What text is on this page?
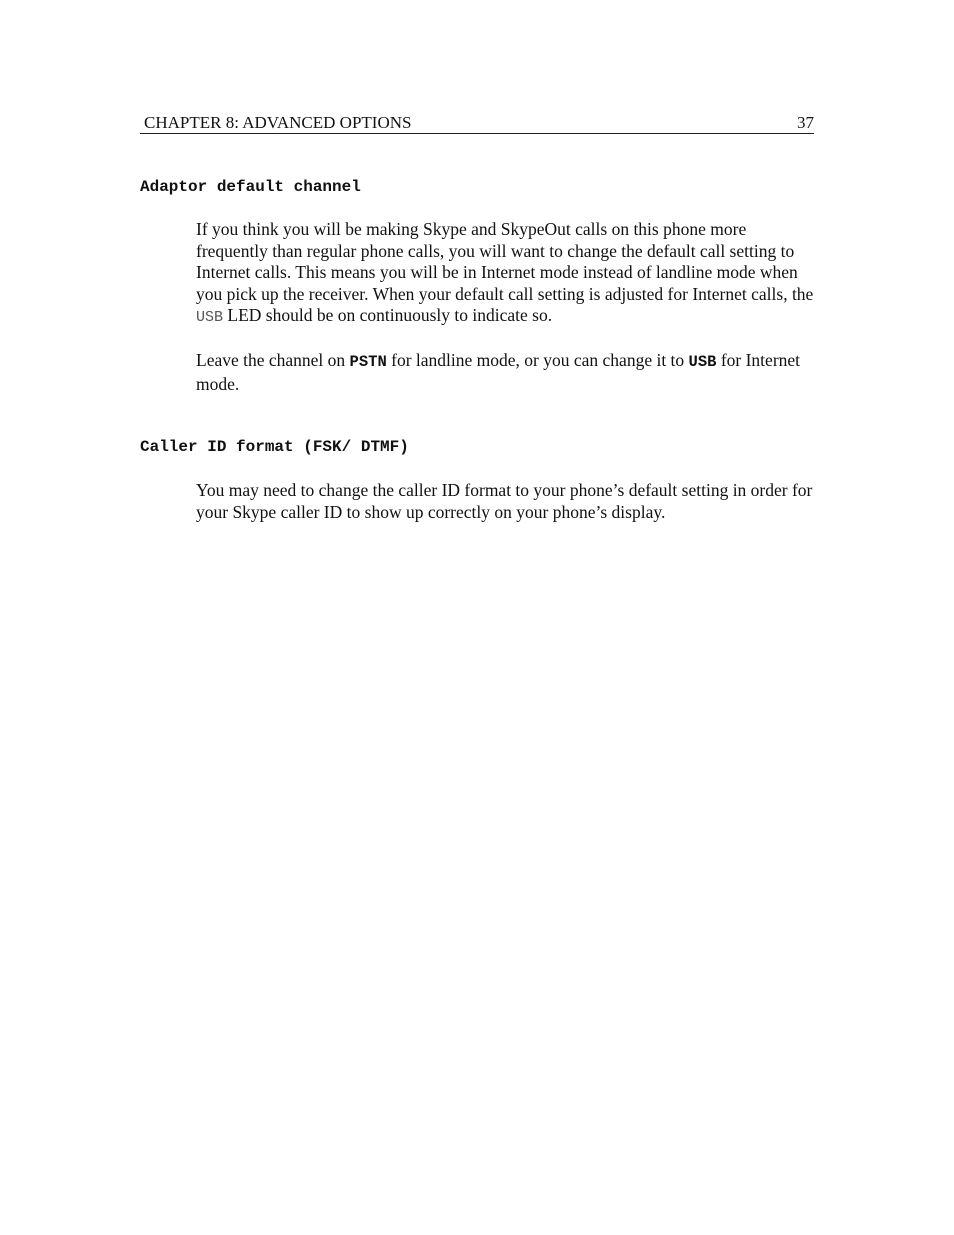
CHAPTER 8: ADVANCED OPTIONS	37
Adaptor default channel

If you think you will be making Skype and SkypeOut calls on this phone more frequently than regular phone calls, you will want to change the default call setting to Internet calls. This means you will be in Internet mode instead of landline mode when you pick up the receiver. When your default call setting is adjusted for Internet calls, the USB LED should be on continuously to indicate so.

Leave the channel on PSTN for landline mode, or you can change it to USB for Internet mode.

Caller ID format (FSK/ DTMF)

You may need to change the caller ID format to your phone’s default setting in order for your Skype caller ID to show up correctly on your phone’s display.
